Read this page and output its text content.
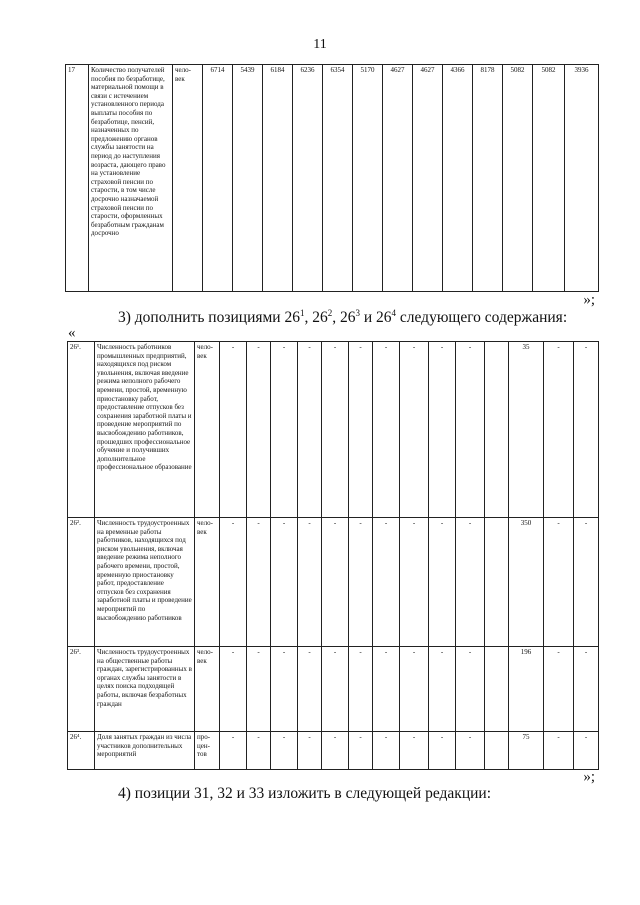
11
17	Количество получателей пособия по безработице, материальной помощи в связи с истечением установленного периода выплаты пособия по безработице, пенсий, назначенных по предложению органов службы занятости на период до наступления возраста, дающего право на установление страховой пенсии по старости, в том числе досрочно назначаемой страховой пенсии по старости, оформленных безработным гражданам досрочно	чело-век	6714	5439	6184	6236	6354	5170	4627	4627	4366	8178	5082	5082	3936
»;
3) дополнить позициями $26^1$, $26^2$, $26^3$ и $26^4$ следующего содержания:
«
26¹.	Численность работников промышленных предприятий, находящихся под риском увольнения, включая введение режима неполного рабочего времени, простой, временную приостановку работ, предоставление отпусков без сохранения заработной платы и проведение мероприятий по высвобождению работников, прошедших профессиональное обучение и получивших дополнительное профессиональное образование	чело-век	-	-	-	-	-	-	-	-	-	-		35	-	-
26².	Численность трудоустроенных на временные работы работников, находящихся под риском увольнения, включая введение режима неполного рабочего времени, простой, временную приостановку работ, предоставление отпусков без сохранения заработной платы и проведение мероприятий по высвобождению работников	чело-век	-	-	-	-	-	-	-	-	-	-		350	-	-
26³.	Численность трудоустроенных на общественные работы граждан, зарегистрированных в органах службы занятости в целях поиска подходящей работы, включая безработных граждан	чело-век	-	-	-	-	-	-	-	-	-	-		196	-	-
26⁴.	Доля занятых граждан из числа участников дополнительных мероприятий	про-цен-тов	-	-	-	-	-	-	-	-	-	-		75	-	-
»;
4) позиции 31, 32 и 33 изложить в следующей редакции:
